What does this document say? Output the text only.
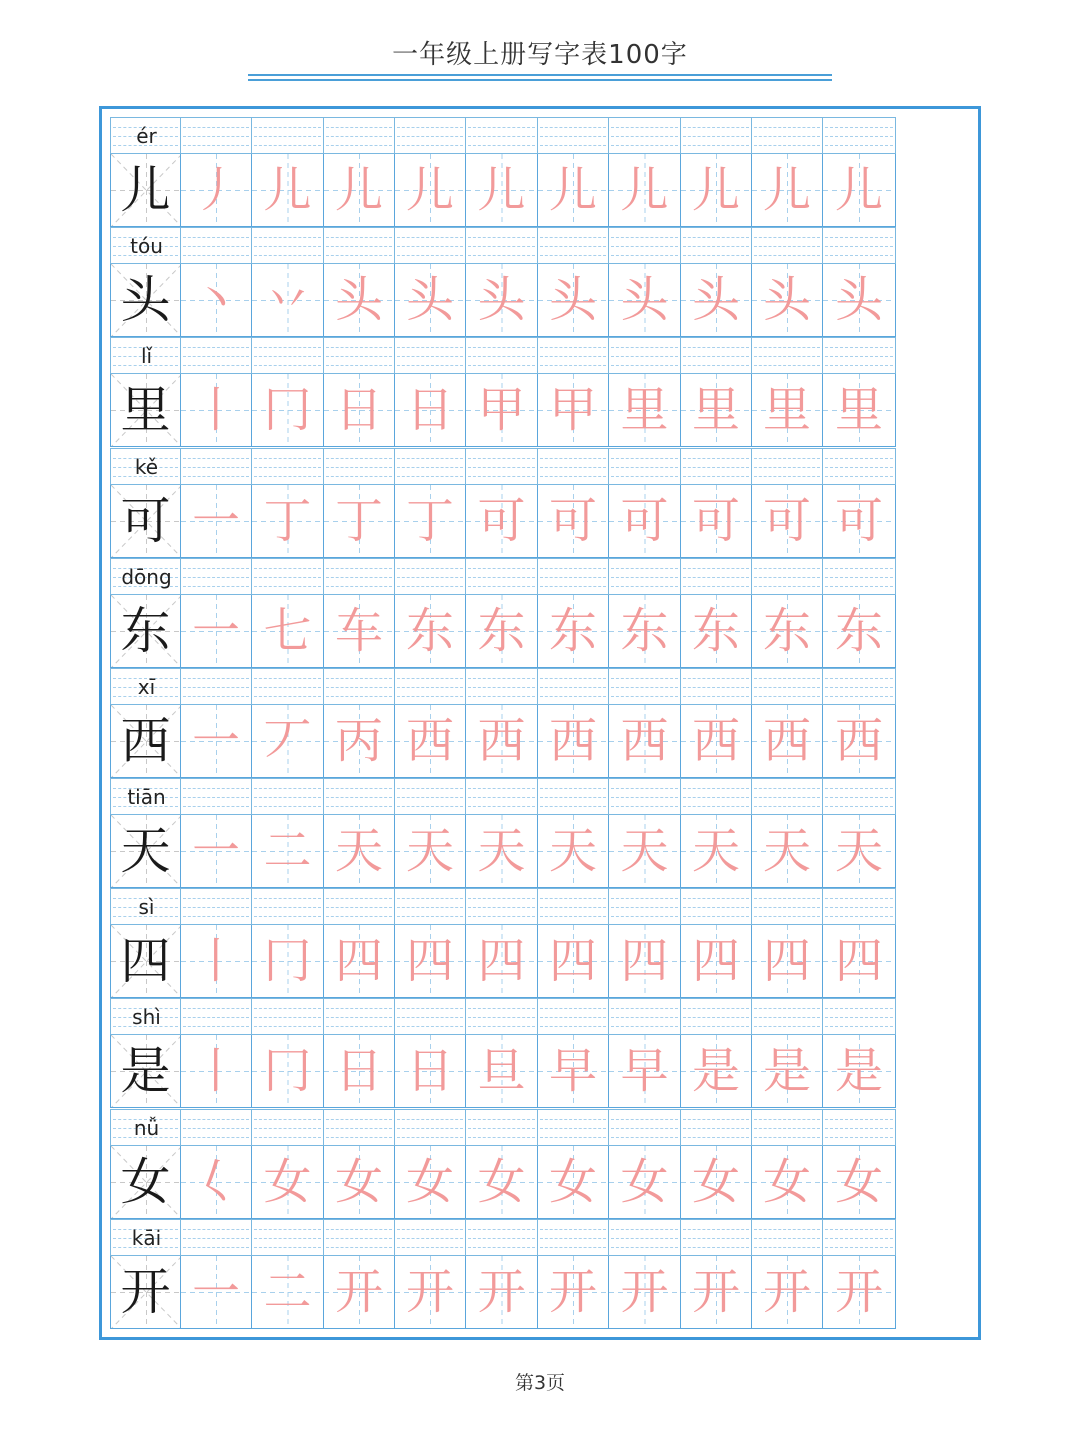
一年级上册写字表100字
ér
儿 丿 儿 儿 儿 儿 儿 儿 儿 儿 儿
tóu
头 丶 丷 头 头 头 头 头 头 头 头
lǐ
里 丨 冂 日 日 甲 甲 里 里 里 里
kě
可 一 丁 丁 丁 可 可 可 可 可 可
dōng
东 一 七 车 东 东 东 东 东 东 东
xī
西 一 丆 丙 西 西 西 西 西 西 西
tiān
天 一 二 天 天 天 天 天 天 天 天
sì
四 丨 冂 四 四 四 四 四 四 四 四
shì
是 丨 冂 日 日 旦 早 早 是 是 是
nǚ
女 𡿨 女 女 女 女 女 女 女 女 女
kāi
开 一 二 开 开 开 开 开 开 开 开
第3页
